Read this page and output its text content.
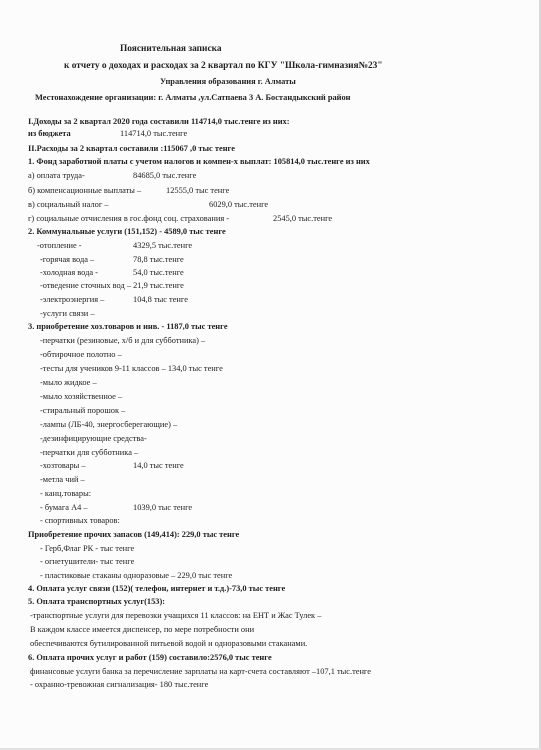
Пояснительная записка
к отчету о доходах и расходах за 2 квартал по КГУ "Школа-гимназия№23"
Управления образования г. Алматы
Местонахождение организации: г. Алматы ,ул.Сатпаева 3 А. Бостандыкский район
I.Доходы за 2 квартал 2020 года составили 114714,0 тыс.тенге из них:
из бюджета	114714,0 тыс.тенге
II.Расходы за 2 квартал составили :115067 ,0 тыс тенге
1. Фонд заработной платы с учетом налогов и компен-х выплат: 105814,0 тыс.тенге из них
а) оплата труда-	84685,0 тыс.тенге
б) компенсационные выплаты –	12555,0 тыс тенге
в) социальный налог –	6029,0 тыс.тенге
г) социальные отчисления в гос.фонд соц. страхования -	2545,0 тыс.тенге
2. Коммунальные услуги (151,152) - 4589,0 тыс тенге
-отопление -	4329,5 тыс.тенге
-горячая вода –	78,8 тыс.тенге
-холодная вода -	54,0 тыс.тенге
-отведение сточных вод – 21,9 тыс.тенге
-электроэнергия –	104,8 тыс тенге
-услуги связи –
3. приобретение хоз.товаров и инв. - 1187,0 тыс тенге
-перчатки (резиновые, х/б и для субботника) –
-обтирочное полотно –
-тесты для учеников 9-11 классов – 134,0 тыс тенге
-мыло жидкое –
-мыло хозяйственное –
-стиральный порошок –
-лампы (ЛБ-40, энергосберегающие) –
-дезинфицирующие средства-
-перчатки для субботника –
-хозтовары –	14,0 тыс тенге
-метла чий –
- канц.товары:
- бумага А4 –	1039,0 тыс тенге
- спортивных товаров:
Приобретение прочих запасов (149,414): 229,0 тыс тенге
- Герб,Флаг РК - тыс тенге
- огнетушители- тыс тенге
- пластиковые стаканы одноразовые – 229,0 тыс тенге
4. Оплата услуг связи (152)( телефон, интернет и т.д.)-73,0 тыс тенге
5. Оплата транспортных услуг(153):
-транспортные услуги для перевозки учащихся 11 классов: на ЕНТ и Жас Тулек –
В каждом классе имеется диспенсер, по мере потребности они
обеспечиваются бутилированной питьевой водой и одноразовыми стаканами.
6. Оплата прочих услуг и работ (159) составило:2576,0 тыс тенге
финансовые услуги банка за перечисление зарплаты на карт-счета составляют –107,1 тыс.тенге
- охранно-тревожная сигнализация- 180 тыс.тенге
